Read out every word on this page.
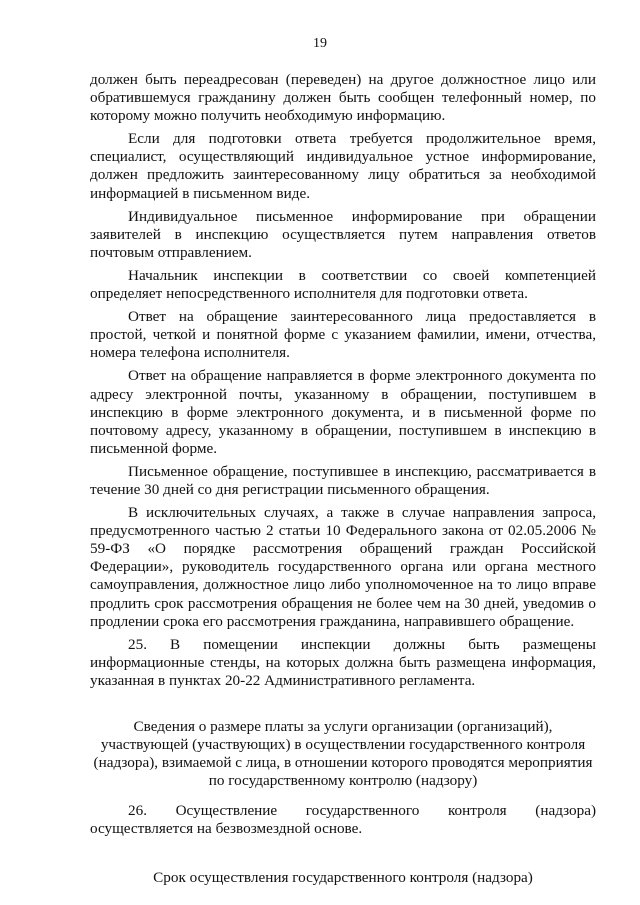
19

должен быть переадресован (переведен) на другое должностное лицо или обратившемуся гражданину должен быть сообщен телефонный номер, по которому можно получить необходимую информацию.

Если для подготовки ответа требуется продолжительное время, специалист, осуществляющий индивидуальное устное информирование, должен предложить заинтересованному лицу обратиться за необходимой информацией в письменном виде.

Индивидуальное письменное информирование при обращении заявителей в инспекцию осуществляется путем направления ответов почтовым отправлением.

Начальник инспекции в соответствии со своей компетенцией определяет непосредственного исполнителя для подготовки ответа.

Ответ на обращение заинтересованного лица предоставляется в простой, четкой и понятной форме с указанием фамилии, имени, отчества, номера телефона исполнителя.

Ответ на обращение направляется в форме электронного документа по адресу электронной почты, указанному в обращении, поступившем в инспекцию в форме электронного документа, и в письменной форме по почтовому адресу, указанному в обращении, поступившем в инспекцию в письменной форме.

Письменное обращение, поступившее в инспекцию, рассматривается в течение 30 дней со дня регистрации письменного обращения.

В исключительных случаях, а также в случае направления запроса, предусмотренного частью 2 статьи 10 Федерального закона от 02.05.2006 № 59-ФЗ «О порядке рассмотрения обращений граждан Российской Федерации», руководитель государственного органа или органа местного самоуправления, должностное лицо либо уполномоченное на то лицо вправе продлить срок рассмотрения обращения не более чем на 30 дней, уведомив о продлении срока его рассмотрения гражданина, направившего обращение.

25. В помещении инспекции должны быть размещены информационные стенды, на которых должна быть размещена информация, указанная в пунктах 20-22 Административного регламента.

Сведения о размере платы за услуги организации (организаций), участвующей (участвующих) в осуществлении государственного контроля (надзора), взимаемой с лица, в отношении которого проводятся мероприятия по государственному контролю (надзору)

26. Осуществление государственного контроля (надзора) осуществляется на безвозмездной основе.

Срок осуществления государственного контроля (надзора)
